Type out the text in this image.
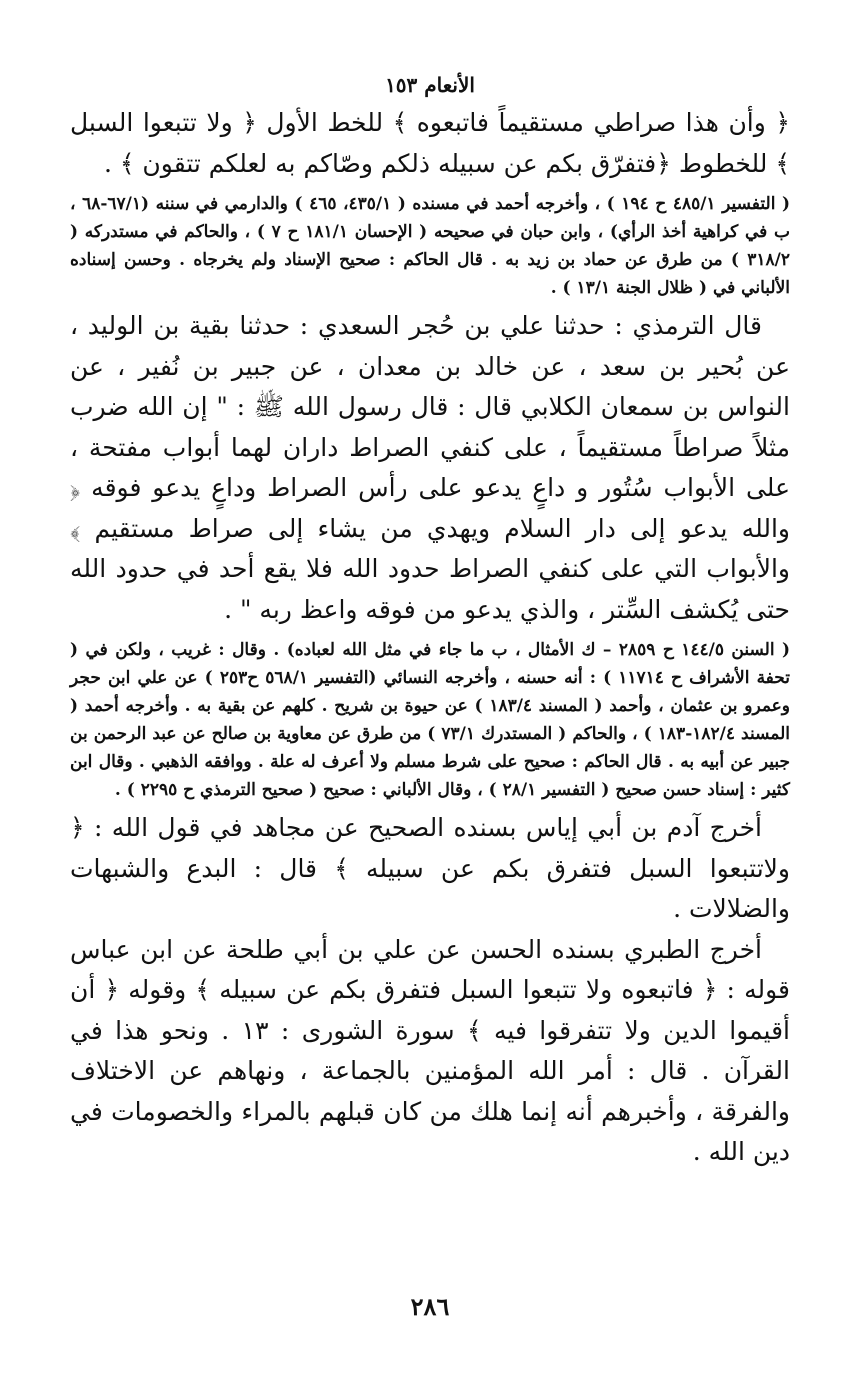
الأنعام ١٥٣

﴿ وأن هذا صراطي مستقيماً فاتبعوه ﴾ للخط الأول ﴿ ولا تتبعوا السبل ﴾ للخطوط ﴿فتفرّق بكم عن سبيله ذلكم وصّاكم به لعلكم تتقون ﴾ .

( التفسير ٤٨٥/١ ح ١٩٤ ) ، وأخرجه أحمد في مسنده ( ٤٣٥/١، ٤٦٥ ) والدارمي في سننه (٦٧/١-٦٨ ، ب في كراهية أخذ الرأي) ، وابن حبان في صحيحه ( الإحسان ١٨١/١ ح ٧ ) ، والحاكم في مستدركه ( ٣١٨/٢ ) من طرق عن حماد بن زيد به . قال الحاكم : صحيح الإسناد ولم يخرجاه . وحسن إسناده الألباني في ( ظلال الجنة ١٣/١ ) .

قال الترمذي : حدثنا علي بن حُجر السعدي : حدثنا بقية بن الوليد ، عن بُحير بن سعد ، عن خالد بن معدان ، عن جبير بن نُفير ، عن النواس بن سمعان الكلابي قال : قال رسول الله ﷺ : " إن الله ضرب مثلاً صراطاً مستقيماً ، على كنفي الصراط داران لهما أبواب مفتحة ، على الأبواب سُتُور و داعٍ يدعو على رأس الصراط وداعٍ يدعو فوقه ﴿ والله يدعو إلى دار السلام ويهدي من يشاء إلى صراط مستقيم ﴾ والأبواب التي على كنفي الصراط حدود الله فلا يقع أحد في حدود الله حتى يُكشف السِّتر ، والذي يدعو من فوقه واعظ ربه " .

( السنن ١٤٤/٥ ح ٢٨٥٩ – ك الأمثال ، ب ما جاء في مثل الله لعباده) . وقال : غريب ، ولكن في ( تحفة الأشراف ح ١١٧١٤ ) : أنه حسنه ، وأخرجه النسائي (التفسير ٥٦٨/١ ح٢٥٣ ) عن علي ابن حجر وعمرو بن عثمان ، وأحمد ( المسند ١٨٣/٤ ) عن حيوة بن شريح . كلهم عن بقية به . وأخرجه أحمد ( المسند ١٨٢/٤-١٨٣ ) ، والحاكم ( المستدرك ٧٣/١ ) من طرق عن معاوية بن صالح عن عبد الرحمن بن جبير عن أبيه به . قال الحاكم : صحيح على شرط مسلم ولا أعرف له علة . ووافقه الذهبي . وقال ابن كثير : إسناد حسن صحيح ( التفسير ٢٨/١ ) ، وقال الألباني : صحيح ( صحيح الترمذي ح ٢٢٩٥ ) .

أخرج آدم بن أبي إياس بسنده الصحيح عن مجاهد في قول الله : ﴿ ولاتتبعوا السبل فتفرق بكم عن سبيله ﴾ قال : البدع والشبهات والضلالات .

أخرج الطبري بسنده الحسن عن علي بن أبي طلحة عن ابن عباس قوله : ﴿ فاتبعوه ولا تتبعوا السبل فتفرق بكم عن سبيله ﴾ وقوله ﴿ أن أقيموا الدين ولا تتفرقوا فيه ﴾ سورة الشورى : ١٣ . ونحو هذا في القرآن . قال : أمر الله المؤمنين بالجماعة ، ونهاهم عن الاختلاف والفرقة ، وأخبرهم أنه إنما هلك من كان قبلهم بالمراء والخصومات في دين الله .

٢٨٦
